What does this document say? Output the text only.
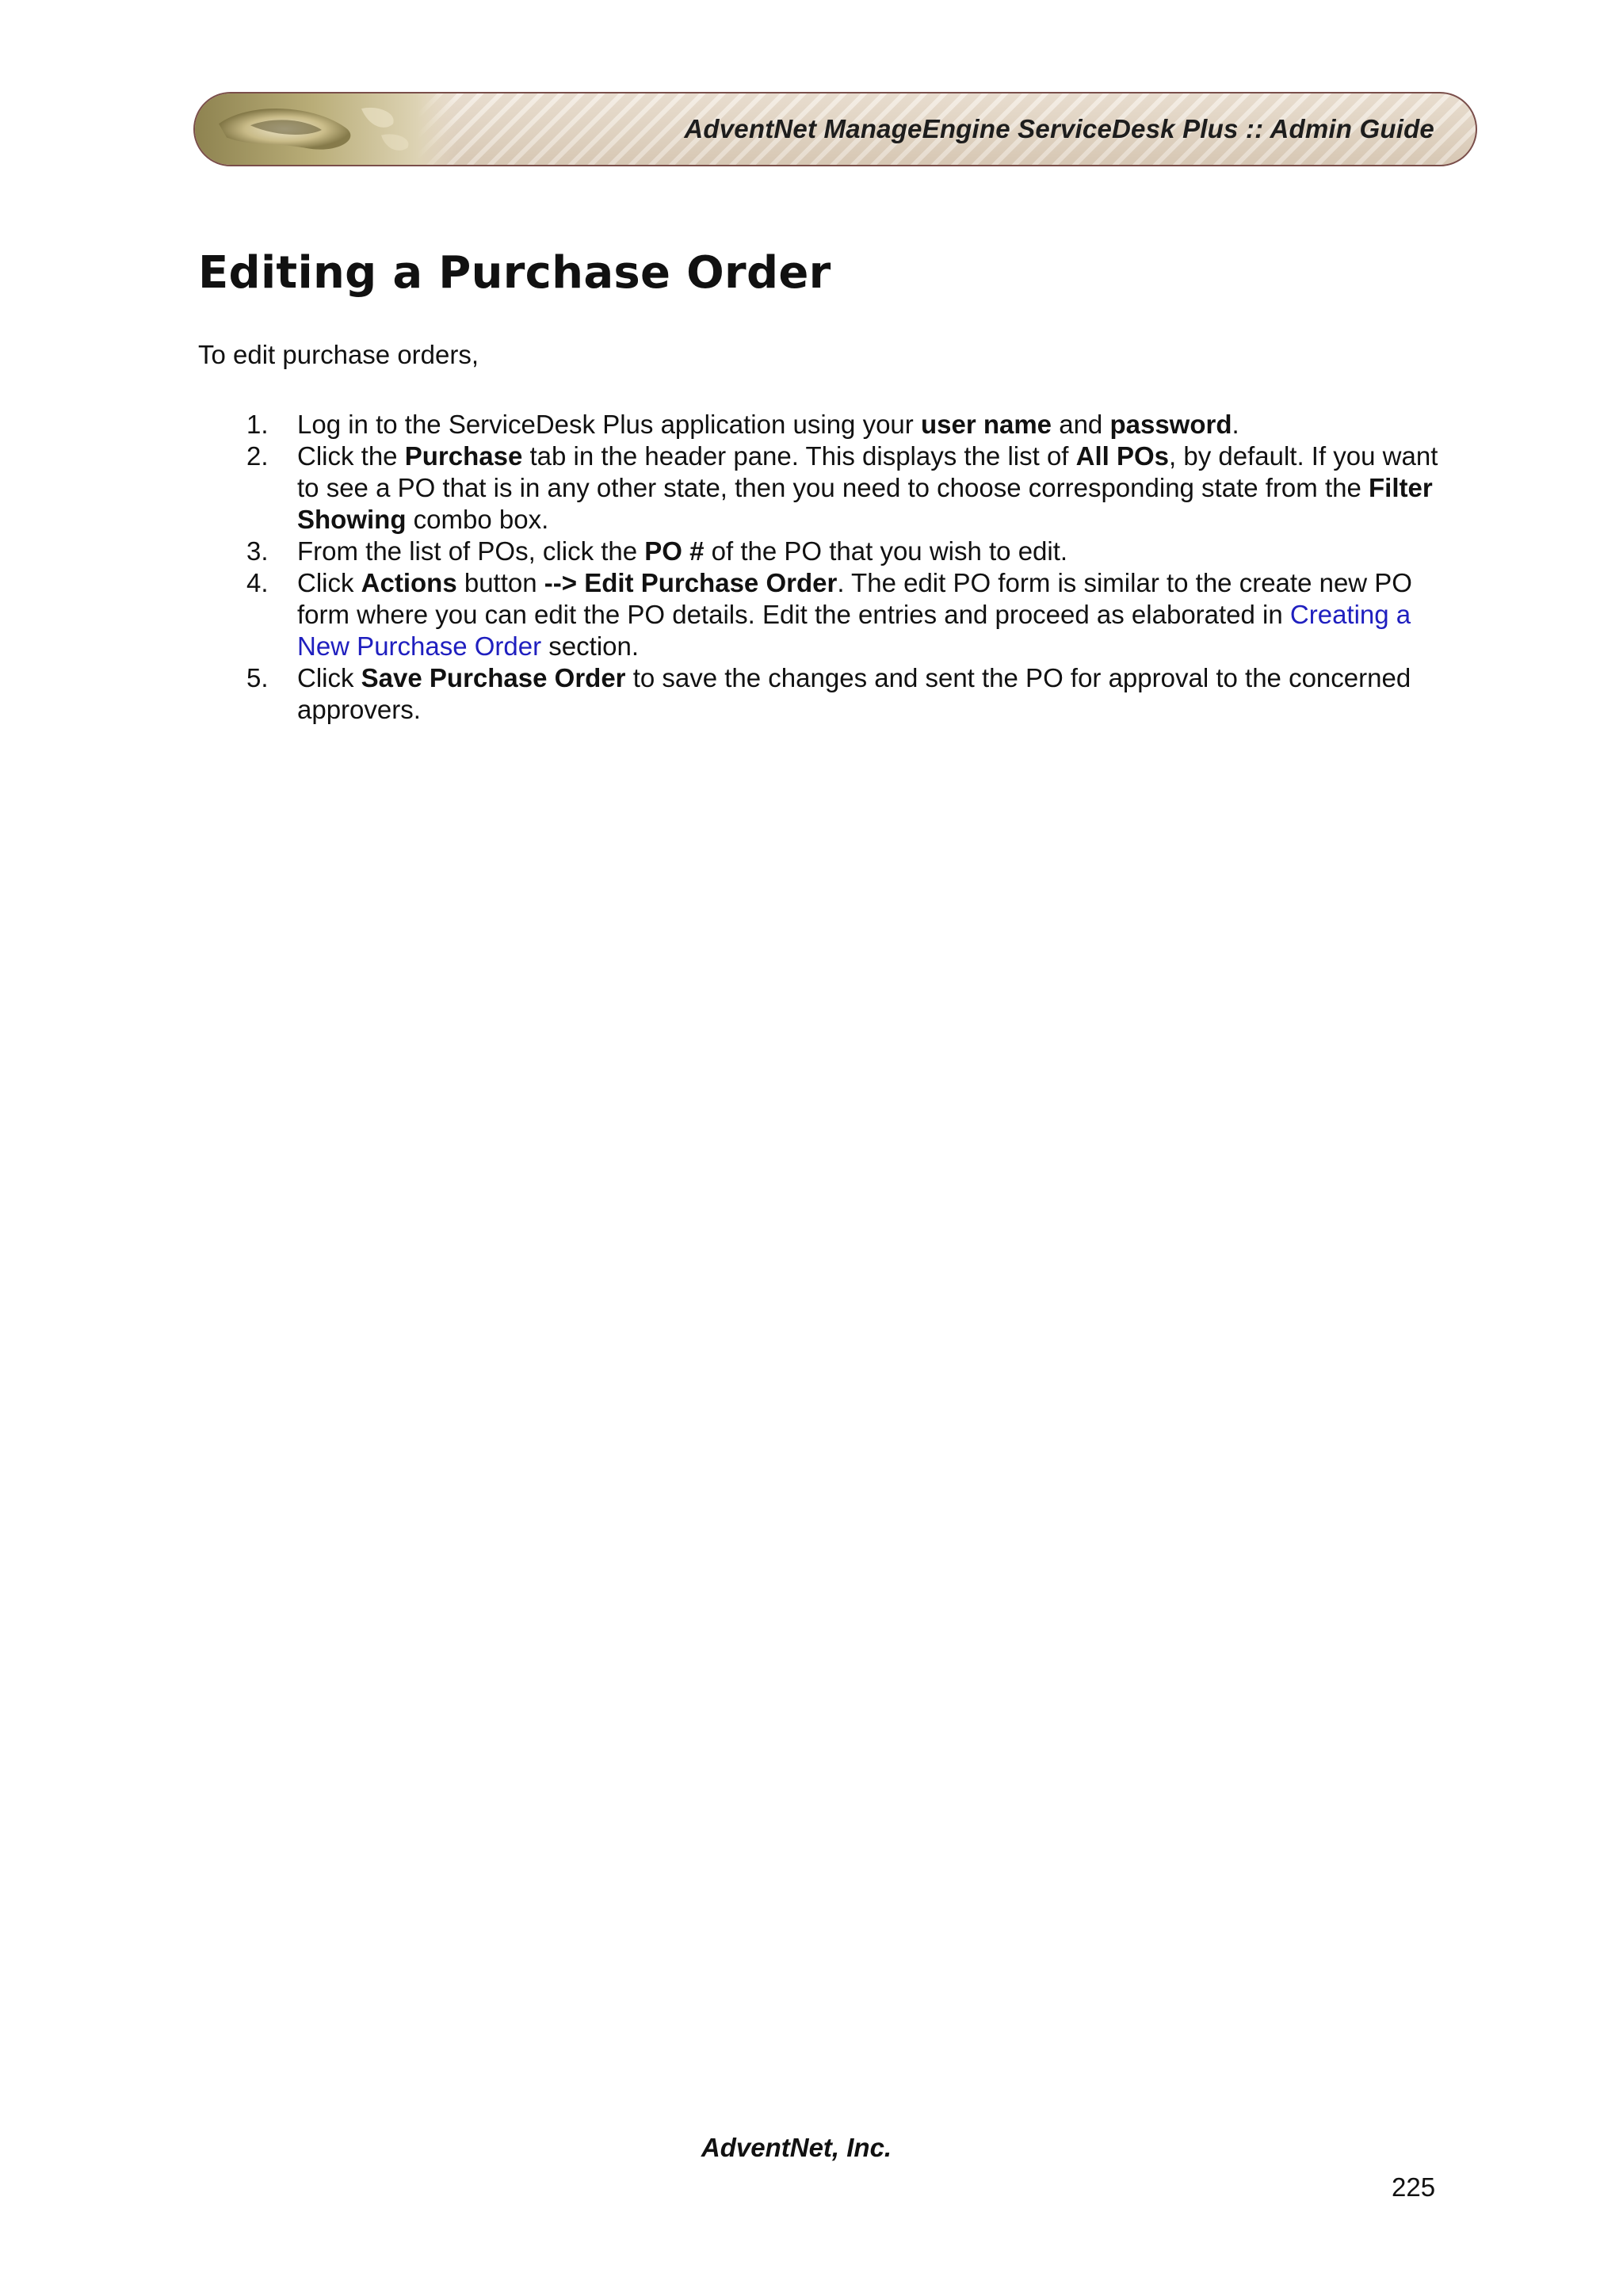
AdventNet ManageEngine ServiceDesk Plus :: Admin Guide
Editing a Purchase Order

To edit purchase orders,

1. Log in to the ServiceDesk Plus application using your user name and password.
2. Click the Purchase tab in the header pane. This displays the list of All POs, by default. If you want to see a PO that is in any other state, then you need to choose corresponding state from the Filter Showing combo box.
3. From the list of POs, click the PO # of the PO that you wish to edit.
4. Click Actions button --> Edit Purchase Order. The edit PO form is similar to the create new PO form where you can edit the PO details. Edit the entries and proceed as elaborated in Creating a New Purchase Order section.
5. Click Save Purchase Order to save the changes and sent the PO for approval to the concerned approvers.
AdventNet, Inc.
225
